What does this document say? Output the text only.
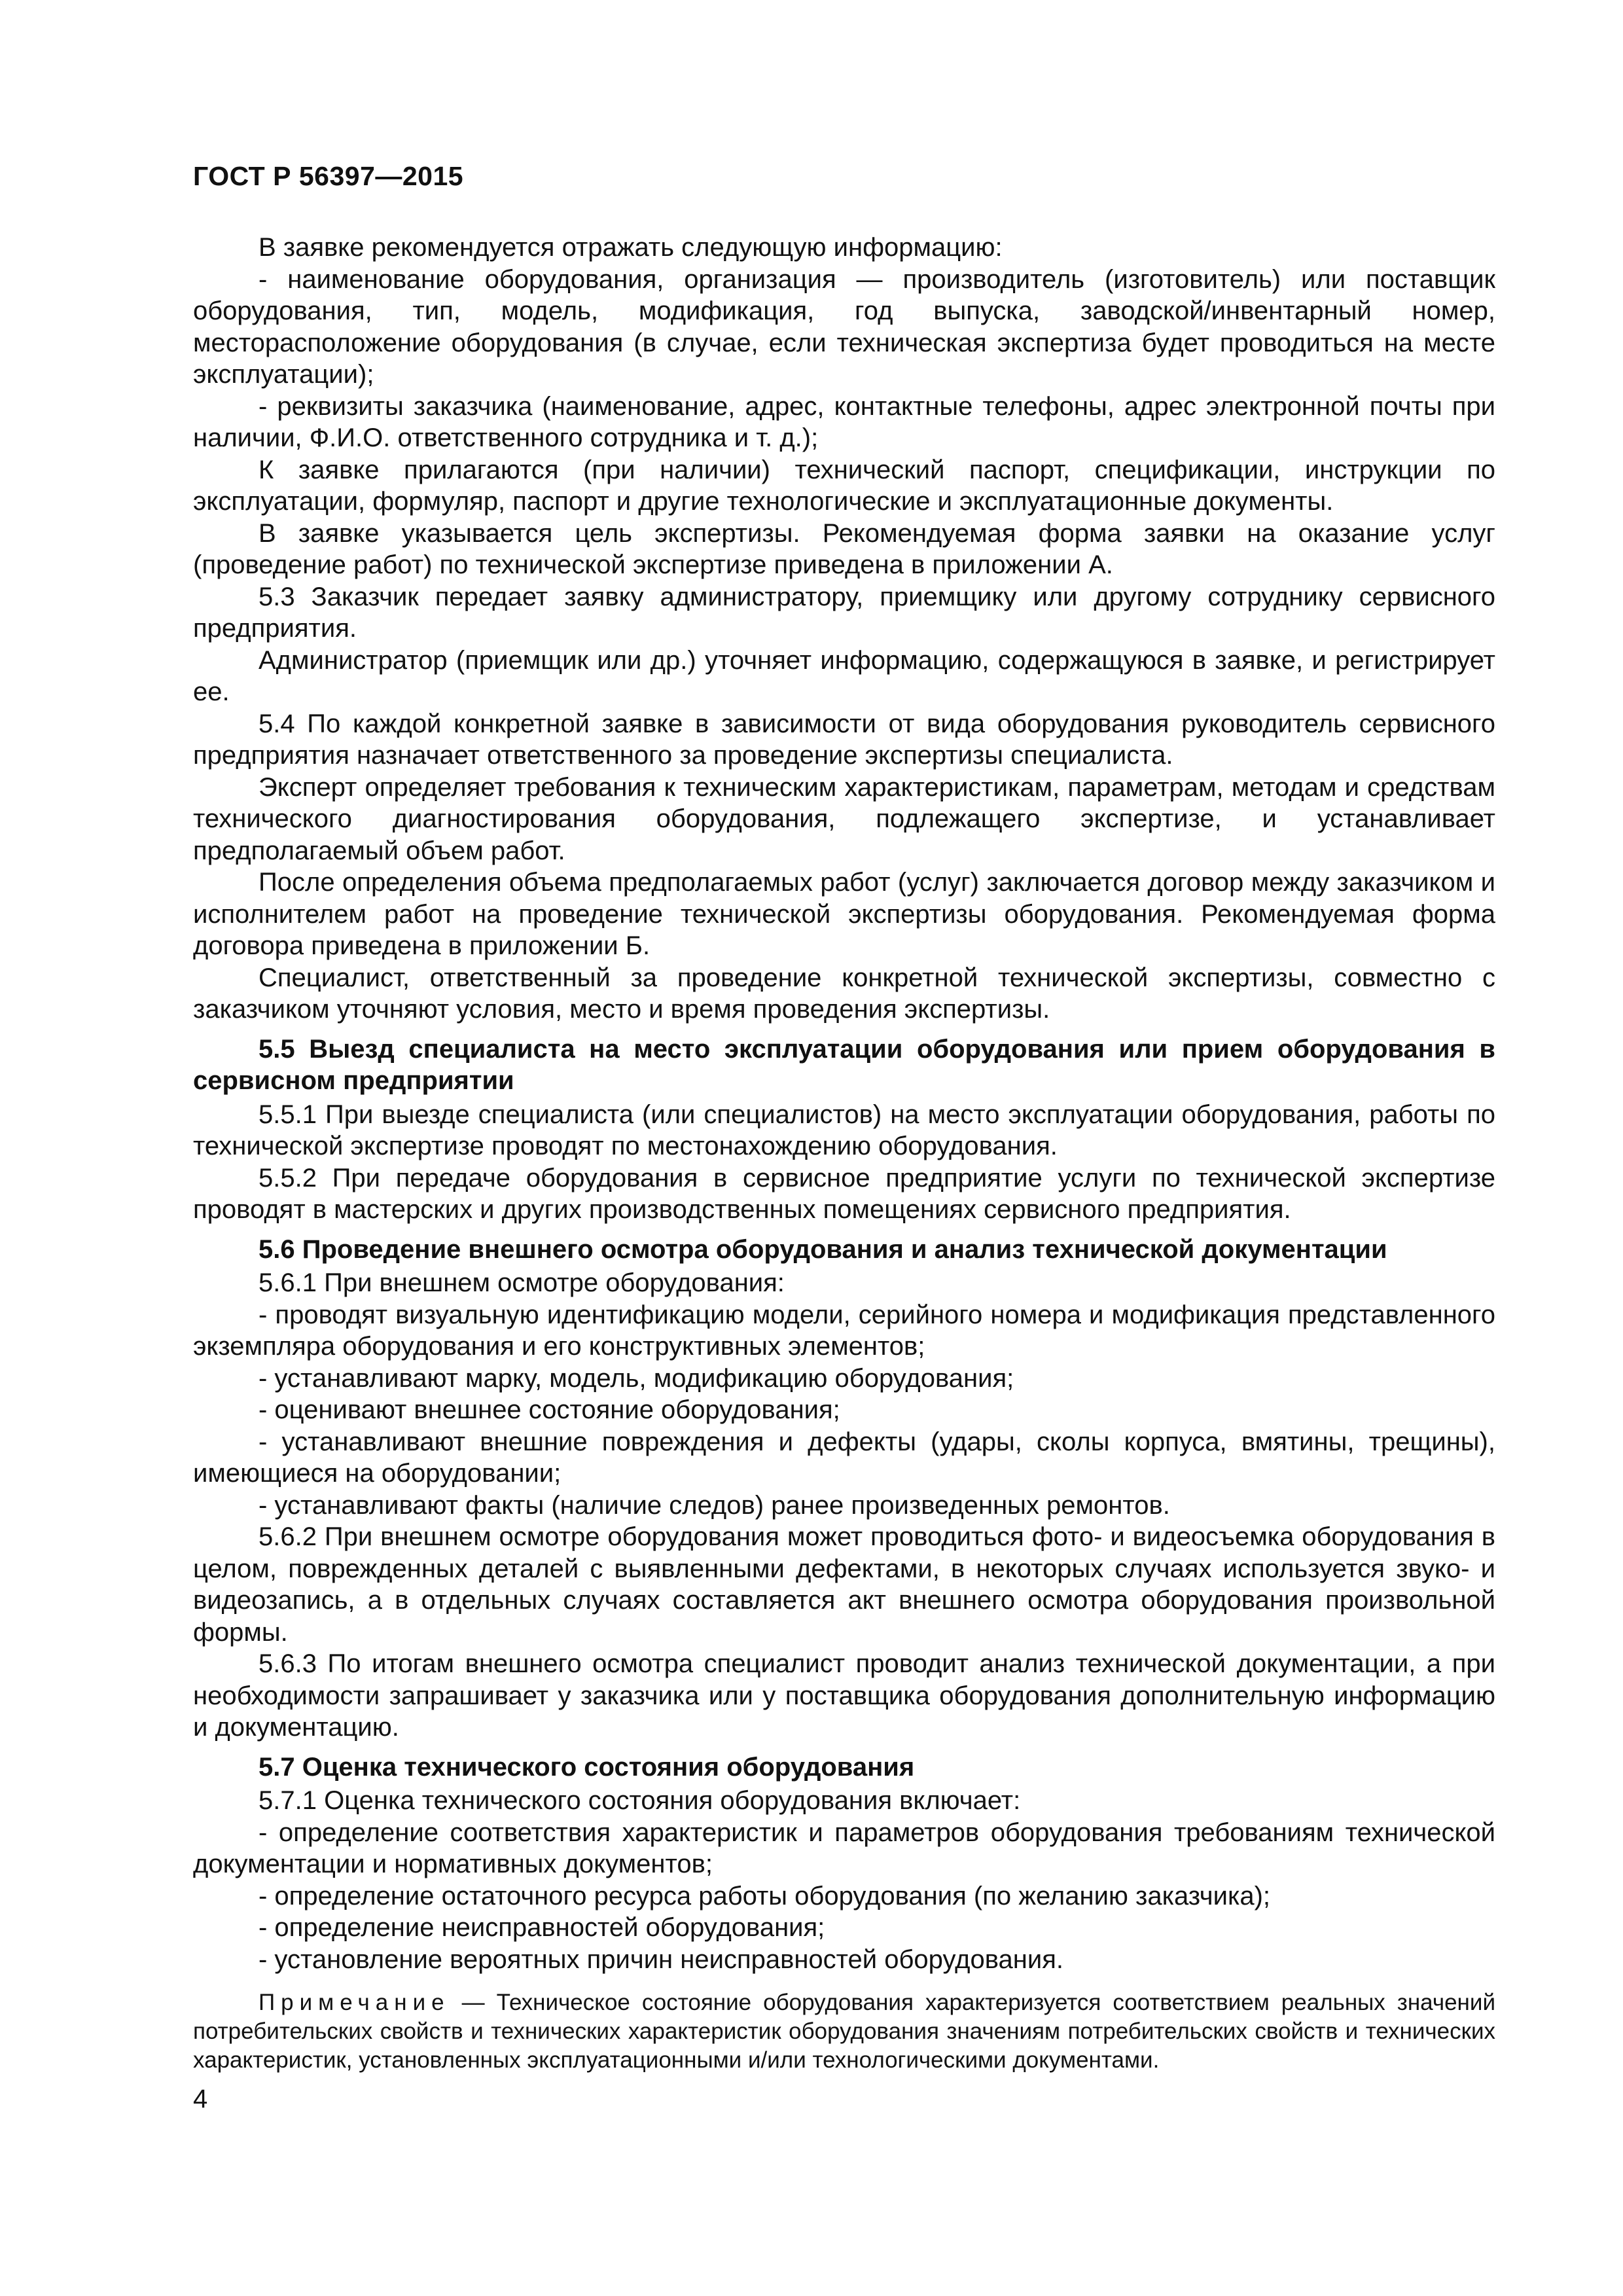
ГОСТ Р 56397—2015

В заявке рекомендуется отражать следующую информацию:

- наименование оборудования, организация — производитель (изготовитель) или поставщик оборудования, тип, модель, модификация, год выпуска, заводской/инвентарный номер, месторасположение оборудования (в случае, если техническая экспертиза будет проводиться на месте эксплуатации);

- реквизиты заказчика (наименование, адрес, контактные телефоны, адрес электронной почты при наличии, Ф.И.О. ответственного сотрудника и т. д.);

К заявке прилагаются (при наличии) технический паспорт, спецификации, инструкции по эксплуатации, формуляр, паспорт и другие технологические и эксплуатационные документы.

В заявке указывается цель экспертизы. Рекомендуемая форма заявки на оказание услуг (проведение работ) по технической экспертизе приведена в приложении А.

5.3 Заказчик передает заявку администратору, приемщику или другому сотруднику сервисного предприятия.

Администратор (приемщик или др.) уточняет информацию, содержащуюся в заявке, и регистрирует ее.

5.4 По каждой конкретной заявке в зависимости от вида оборудования руководитель сервисного предприятия назначает ответственного за проведение экспертизы специалиста.

Эксперт определяет требования к техническим характеристикам, параметрам, методам и средствам технического диагностирования оборудования, подлежащего экспертизе, и устанавливает предполагаемый объем работ.

После определения объема предполагаемых работ (услуг) заключается договор между заказчиком и исполнителем работ на проведение технической экспертизы оборудования. Рекомендуемая форма договора приведена в приложении Б.

Специалист, ответственный за проведение конкретной технической экспертизы, совместно с заказчиком уточняют условия, место и время проведения экспертизы.

5.5 Выезд специалиста на место эксплуатации оборудования или прием оборудования в сервисном предприятии

5.5.1 При выезде специалиста (или специалистов) на место эксплуатации оборудования, работы по технической экспертизе проводят по местонахождению оборудования.

5.5.2 При передаче оборудования в сервисное предприятие услуги по технической экспертизе проводят в мастерских и других производственных помещениях сервисного предприятия.

5.6 Проведение внешнего осмотра оборудования и анализ технической документации

5.6.1 При внешнем осмотре оборудования:

- проводят визуальную идентификацию модели, серийного номера и модификация представленного экземпляра оборудования и его конструктивных элементов;

- устанавливают марку, модель, модификацию оборудования;

- оценивают внешнее состояние оборудования;

- устанавливают внешние повреждения и дефекты (удары, сколы корпуса, вмятины, трещины), имеющиеся на оборудовании;

- устанавливают факты (наличие следов) ранее произведенных ремонтов.

5.6.2 При внешнем осмотре оборудования может проводиться фото- и видеосъемка оборудования в целом, поврежденных деталей с выявленными дефектами, в некоторых случаях используется звуко- и видеозапись, а в отдельных случаях составляется акт внешнего осмотра оборудования произвольной формы.

5.6.3 По итогам внешнего осмотра специалист проводит анализ технической документации, а при необходимости запрашивает у заказчика или у поставщика оборудования дополнительную информацию и документацию.

5.7 Оценка технического состояния оборудования

5.7.1 Оценка технического состояния оборудования включает:

- определение соответствия характеристик и параметров оборудования требованиям технической документации и нормативных документов;

- определение остаточного ресурса работы оборудования (по желанию заказчика);

- определение неисправностей оборудования;

- установление вероятных причин неисправностей оборудования.

Примечание — Техническое состояние оборудования характеризуется соответствием реальных значений потребительских свойств и технических характеристик оборудования значениям потребительских свойств и технических характеристик, установленных эксплуатационными и/или технологическими документами.

4
